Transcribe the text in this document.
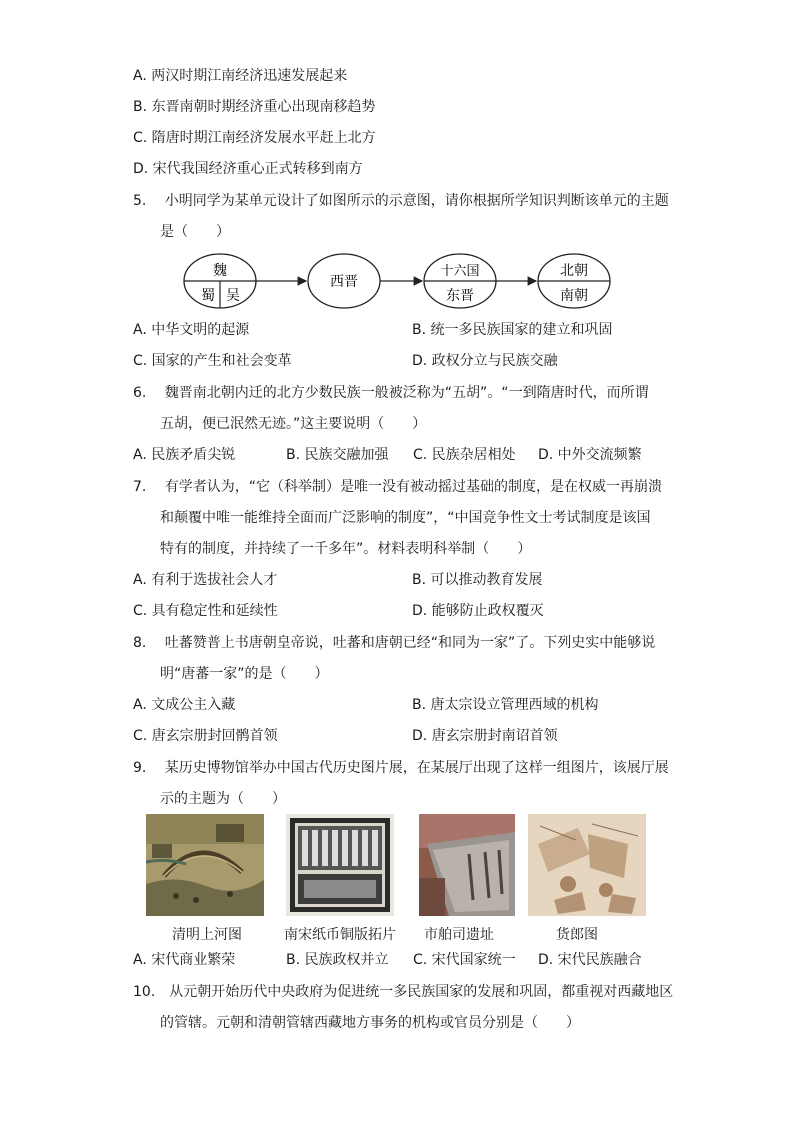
A. 两汉时期江南经济迅速发展起来
B. 东晋南朝时期经济重心出现南移趋势
C. 隋唐时期江南经济发展水平赶上北方
D. 宋代我国经济重心正式转移到南方
5.　 小明同学为某单元设计了如图所示的示意图，请你根据所学知识判断该单元的主题
是（　　）
魏
蜀 吴
西晋
十六国
东晋
北朝
南朝
A. 中华文明的起源	B. 统一多民族国家的建立和巩固
C. 国家的产生和社会变革	D. 政权分立与民族交融
6.　 魏晋南北朝内迁的北方少数民族一般被泛称为“五胡”。“一到隋唐时代，而所谓
五胡，便已泯然无迹。”这主要说明（　　）
A. 民族矛盾尖锐	B. 民族交融加强 C. 民族杂居相处 D. 中外交流频繁
7.　 有学者认为，“它（科举制）是唯一没有被动摇过基础的制度，是在权威一再崩溃
和颠覆中唯一能维持全面而广泛影响的制度”，“中国竞争性文士考试制度是该国
特有的制度，并持续了一千多年”。材料表明科举制（　　）
A. 有利于选拔社会人才	B. 可以推动教育发展
C. 具有稳定性和延续性	D. 能够防止政权覆灭
8.　 吐蕃赞普上书唐朝皇帝说，吐蕃和唐朝已经“和同为一家”了。下列史实中能够说
明“唐蕃一家”的是（　　）
A. 文成公主入藏	B. 唐太宗设立管理西域的机构
C. 唐玄宗册封回鹘首领	D. 唐玄宗册封南诏首领
9.　 某历史博物馆举办中国古代历史图片展，在某展厅出现了这样一组图片，该展厅展
示的主题为（　　）
清明上河图	南宋纸币铜版拓片 市舶司遗址	货郎图
A. 宋代商业繁荣	B. 民族政权并立 C. 宋代国家统一 D. 宋代民族融合
10.　从元朝开始历代中央政府为促进统一多民族国家的发展和巩固，都重视对西藏地区
的管辖。元朝和清朝管辖西藏地方事务的机构或官员分别是（　　）
